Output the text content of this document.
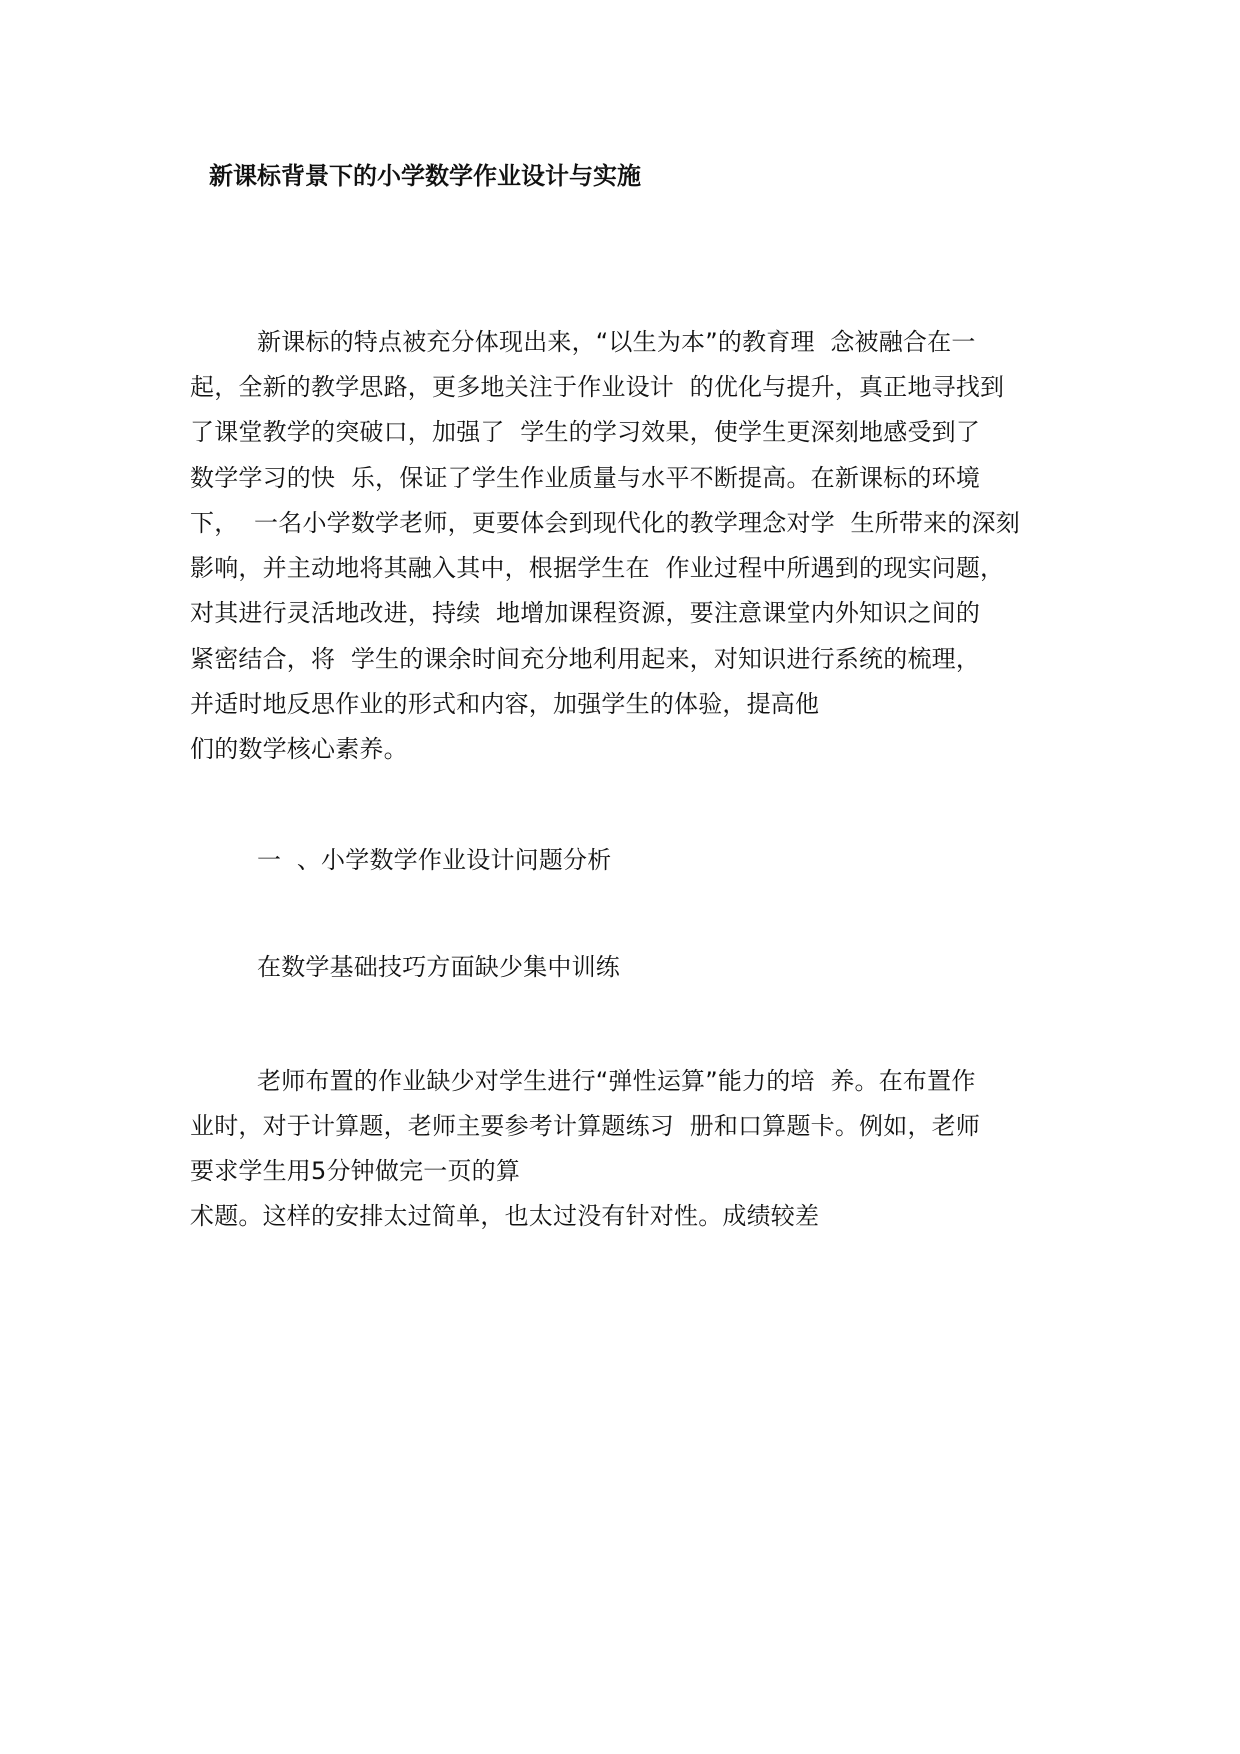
新课标背景下的小学数学作业设计与实施
新课标的特点被充分体现出来，“以生为本”的教育理  念被融合在一
起，全新的教学思路，更多地关注于作业设计  的优化与提升，真正地寻找到
了课堂教学的突破口，加强了  学生的学习效果，使学生更深刻地感受到了
数学学习的快  乐，保证了学生作业质量与水平不断提高。在新课标的环境
下，  一名小学数学老师，更要体会到现代化的教学理念对学  生所带来的深刻
影响，并主动地将其融入其中，根据学生在  作业过程中所遇到的现实问题，
对其进行灵活地改进，持续  地增加课程资源，要注意课堂内外知识之间的
紧密结合，将  学生的课余时间充分地利用起来，对知识进行系统的梳理，
并适时地反思作业的形式和内容，加强学生的体验，提高他
们的数学核心素养。
一  、小学数学作业设计问题分析
在数学基础技巧方面缺少集中训练
老师布置的作业缺少对学生进行“弹性运算”能力的培  养。在布置作
业时，对于计算题，老师主要参考计算题练习  册和口算题卡。例如，老师
要求学生用5分钟做完一页的算
术题。这样的安排太过简单，也太过没有针对性。成绩较差
